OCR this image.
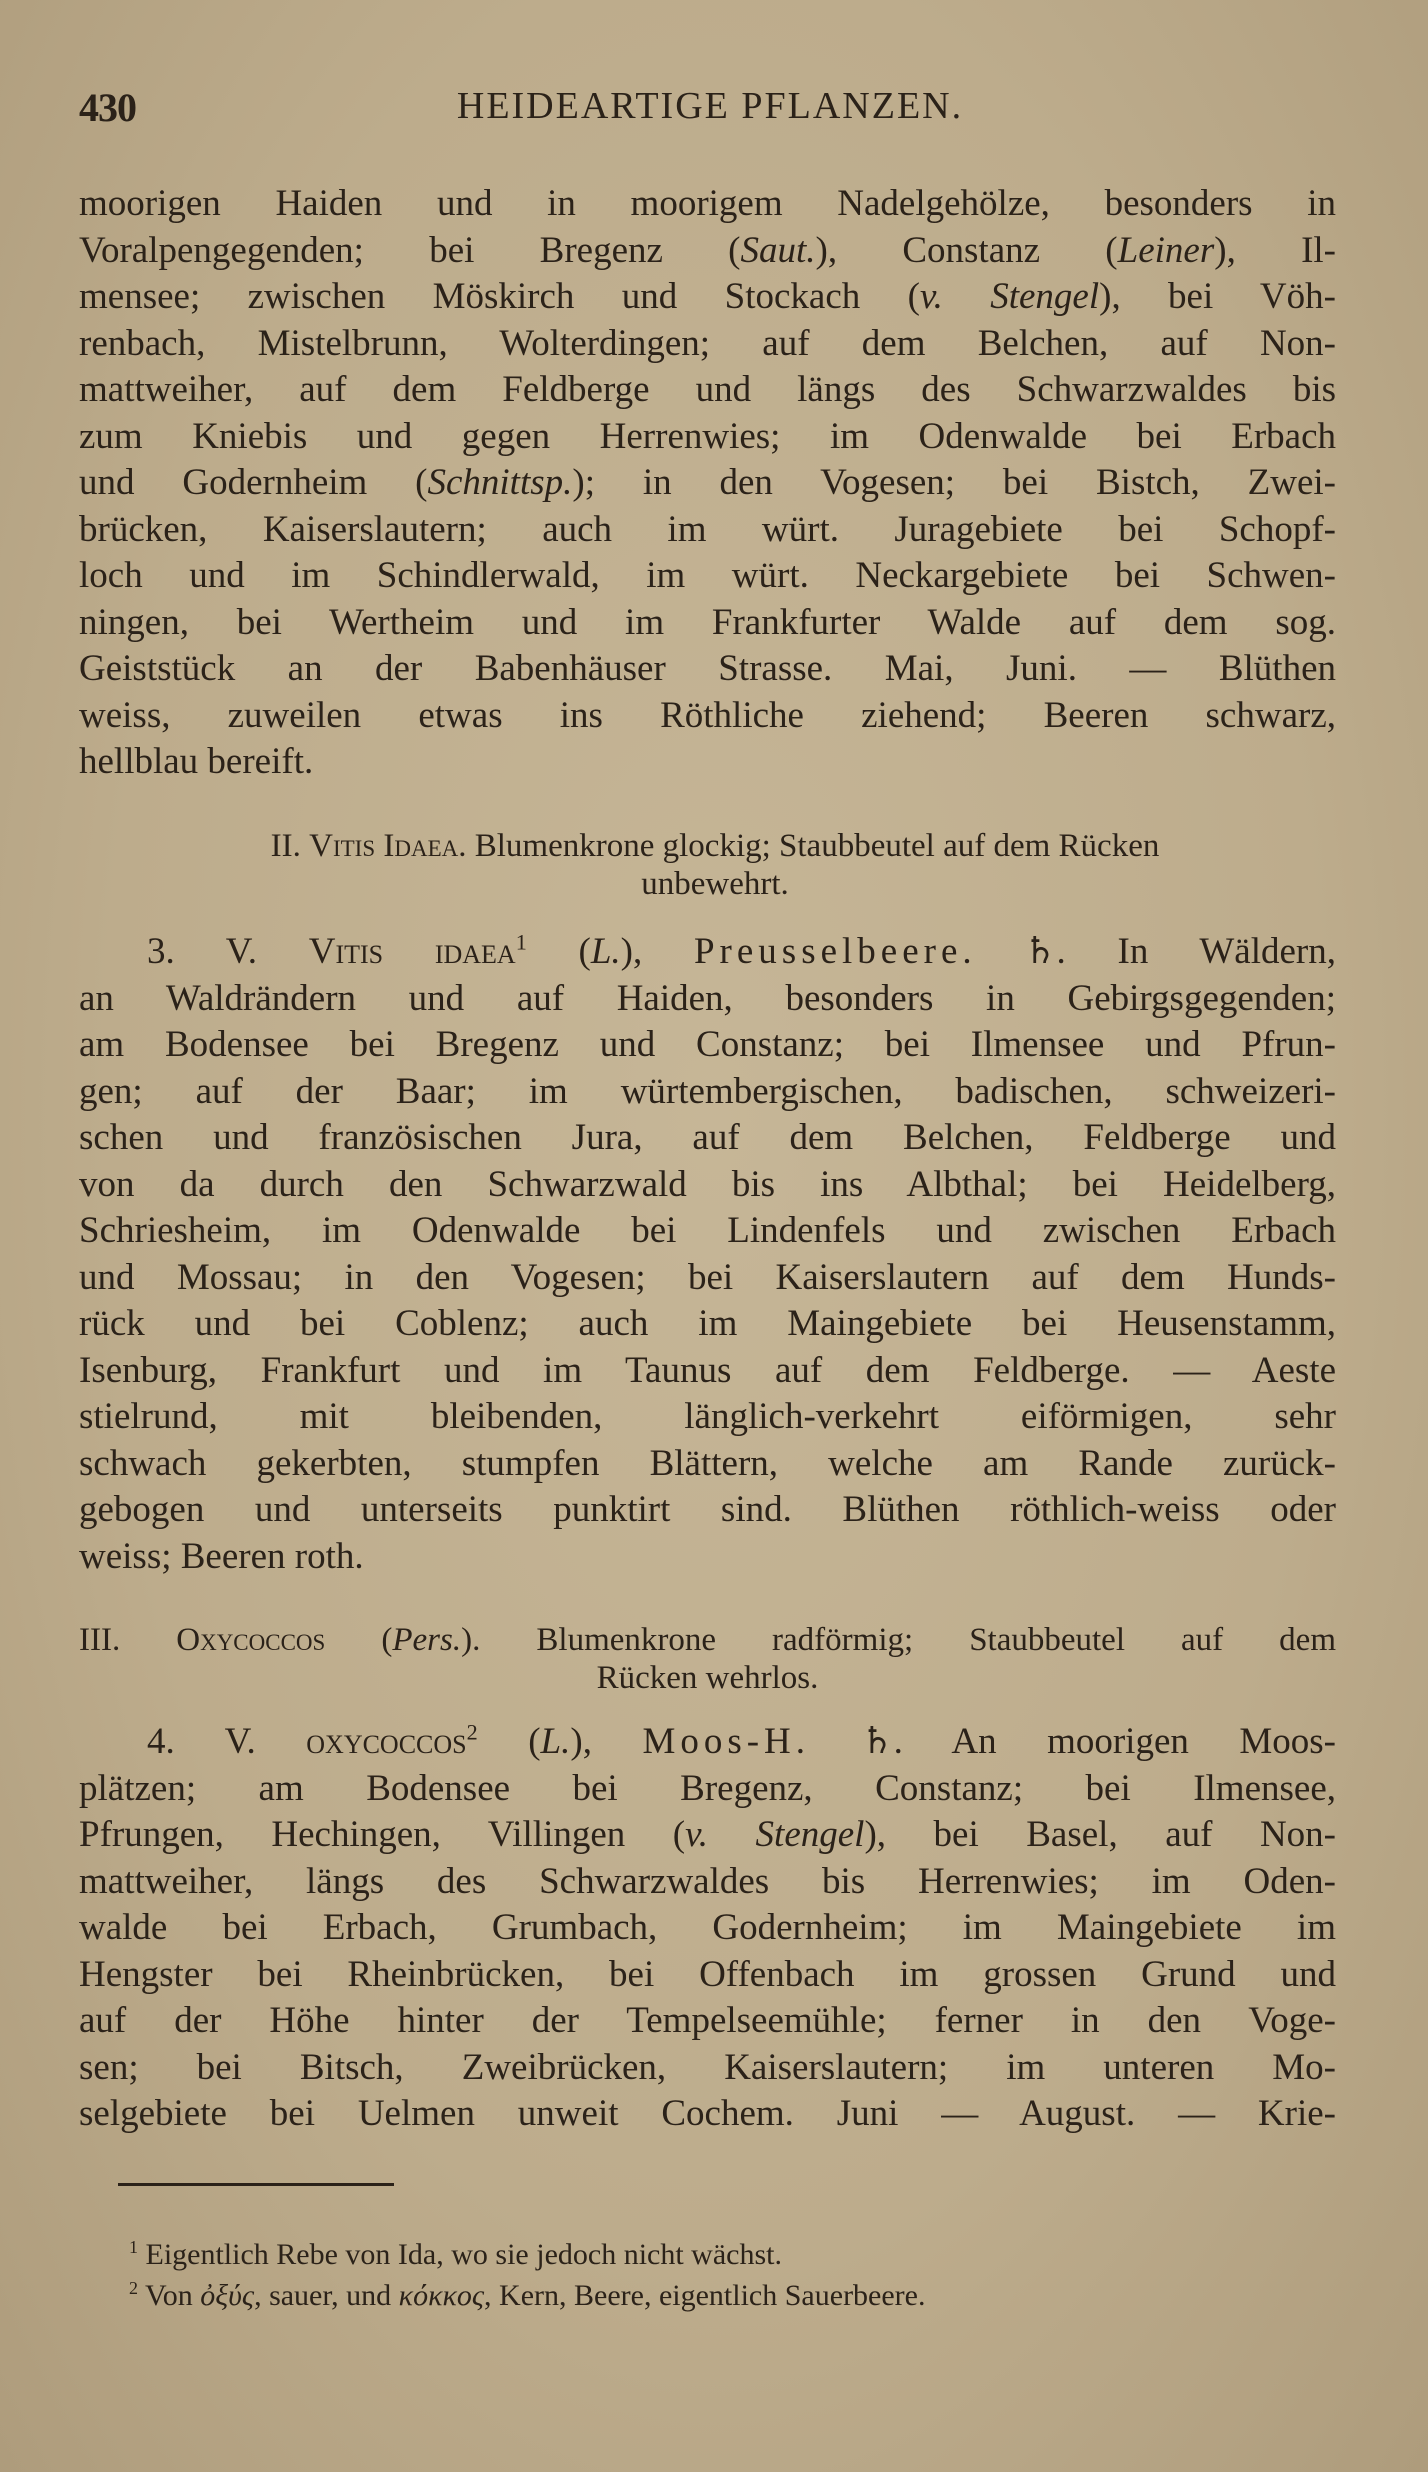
430	HEIDEARTIGE PFLANZEN.
moorigen Haiden und in moorigem Nadelgehölze, besonders in
Voralpengegenden; bei Bregenz (Saut.), Constanz (Leiner), Il-
mensee; zwischen Möskirch und Stockach (v. Stengel), bei Vöh-
renbach, Mistelbrunn, Wolterdingen; auf dem Belchen, auf Non-
mattweiher, auf dem Feldberge und längs des Schwarzwaldes bis
zum Kniebis und gegen Herrenwies; im Odenwalde bei Erbach
und Godernheim (Schnittsp.); in den Vogesen; bei Bistch, Zwei-
brücken, Kaiserslautern; auch im würt. Juragebiete bei Schopf-
loch und im Schindlerwald, im würt. Neckargebiete bei Schwen-
ningen, bei Wertheim und im Frankfurter Walde auf dem sog.
Geiststück an der Babenhäuser Strasse. Mai, Juni. — Blüthen
weiss, zuweilen etwas ins Röthliche ziehend; Beeren schwarz,
hellblau bereift.
II. Vitis Idaea. Blumenkrone glockig; Staubbeutel auf dem Rücken
unbewehrt.
3. V. Vitis idaea$^1$ (L.), Preusselbeere. ♄. In Wäldern,
an Waldrändern und auf Haiden, besonders in Gebirgsgegenden;
am Bodensee bei Bregenz und Constanz; bei Ilmensee und Pfrun-
gen; auf der Baar; im würtembergischen, badischen, schweizeri-
schen und französischen Jura, auf dem Belchen, Feldberge und
von da durch den Schwarzwald bis ins Albthal; bei Heidelberg,
Schriesheim, im Odenwalde bei Lindenfels und zwischen Erbach
und Mossau; in den Vogesen; bei Kaiserslautern auf dem Hunds-
rück und bei Coblenz; auch im Maingebiete bei Heusenstamm,
Isenburg, Frankfurt und im Taunus auf dem Feldberge. — Aeste
stielrund, mit bleibenden, länglich-verkehrt eiförmigen, sehr
schwach gekerbten, stumpfen Blättern, welche am Rande zurück-
gebogen und unterseits punktirt sind. Blüthen röthlich-weiss oder
weiss; Beeren roth.
III. Oxycoccos (Pers.). Blumenkrone radförmig; Staubbeutel auf dem
Rücken wehrlos.
4. V. oxycoccos$^2$ (L.), Moos-H. ♄. An moorigen Moos-
plätzen; am Bodensee bei Bregenz, Constanz; bei Ilmensee,
Pfrungen, Hechingen, Villingen (v. Stengel), bei Basel, auf Non-
mattweiher, längs des Schwarzwaldes bis Herrenwies; im Oden-
walde bei Erbach, Grumbach, Godernheim; im Maingebiete im
Hengster bei Rheinbrücken, bei Offenbach im grossen Grund und
auf der Höhe hinter der Tempelseemühle; ferner in den Voge-
sen; bei Bitsch, Zweibrücken, Kaiserslautern; im unteren Mo-
selgebiete bei Uelmen unweit Cochem. Juni — August. — Krie-
$^1$ Eigentlich Rebe von Ida, wo sie jedoch nicht wächst.
$^2$ Von ὀξύς, sauer, und κόκκος, Kern, Beere, eigentlich Sauerbeere.
